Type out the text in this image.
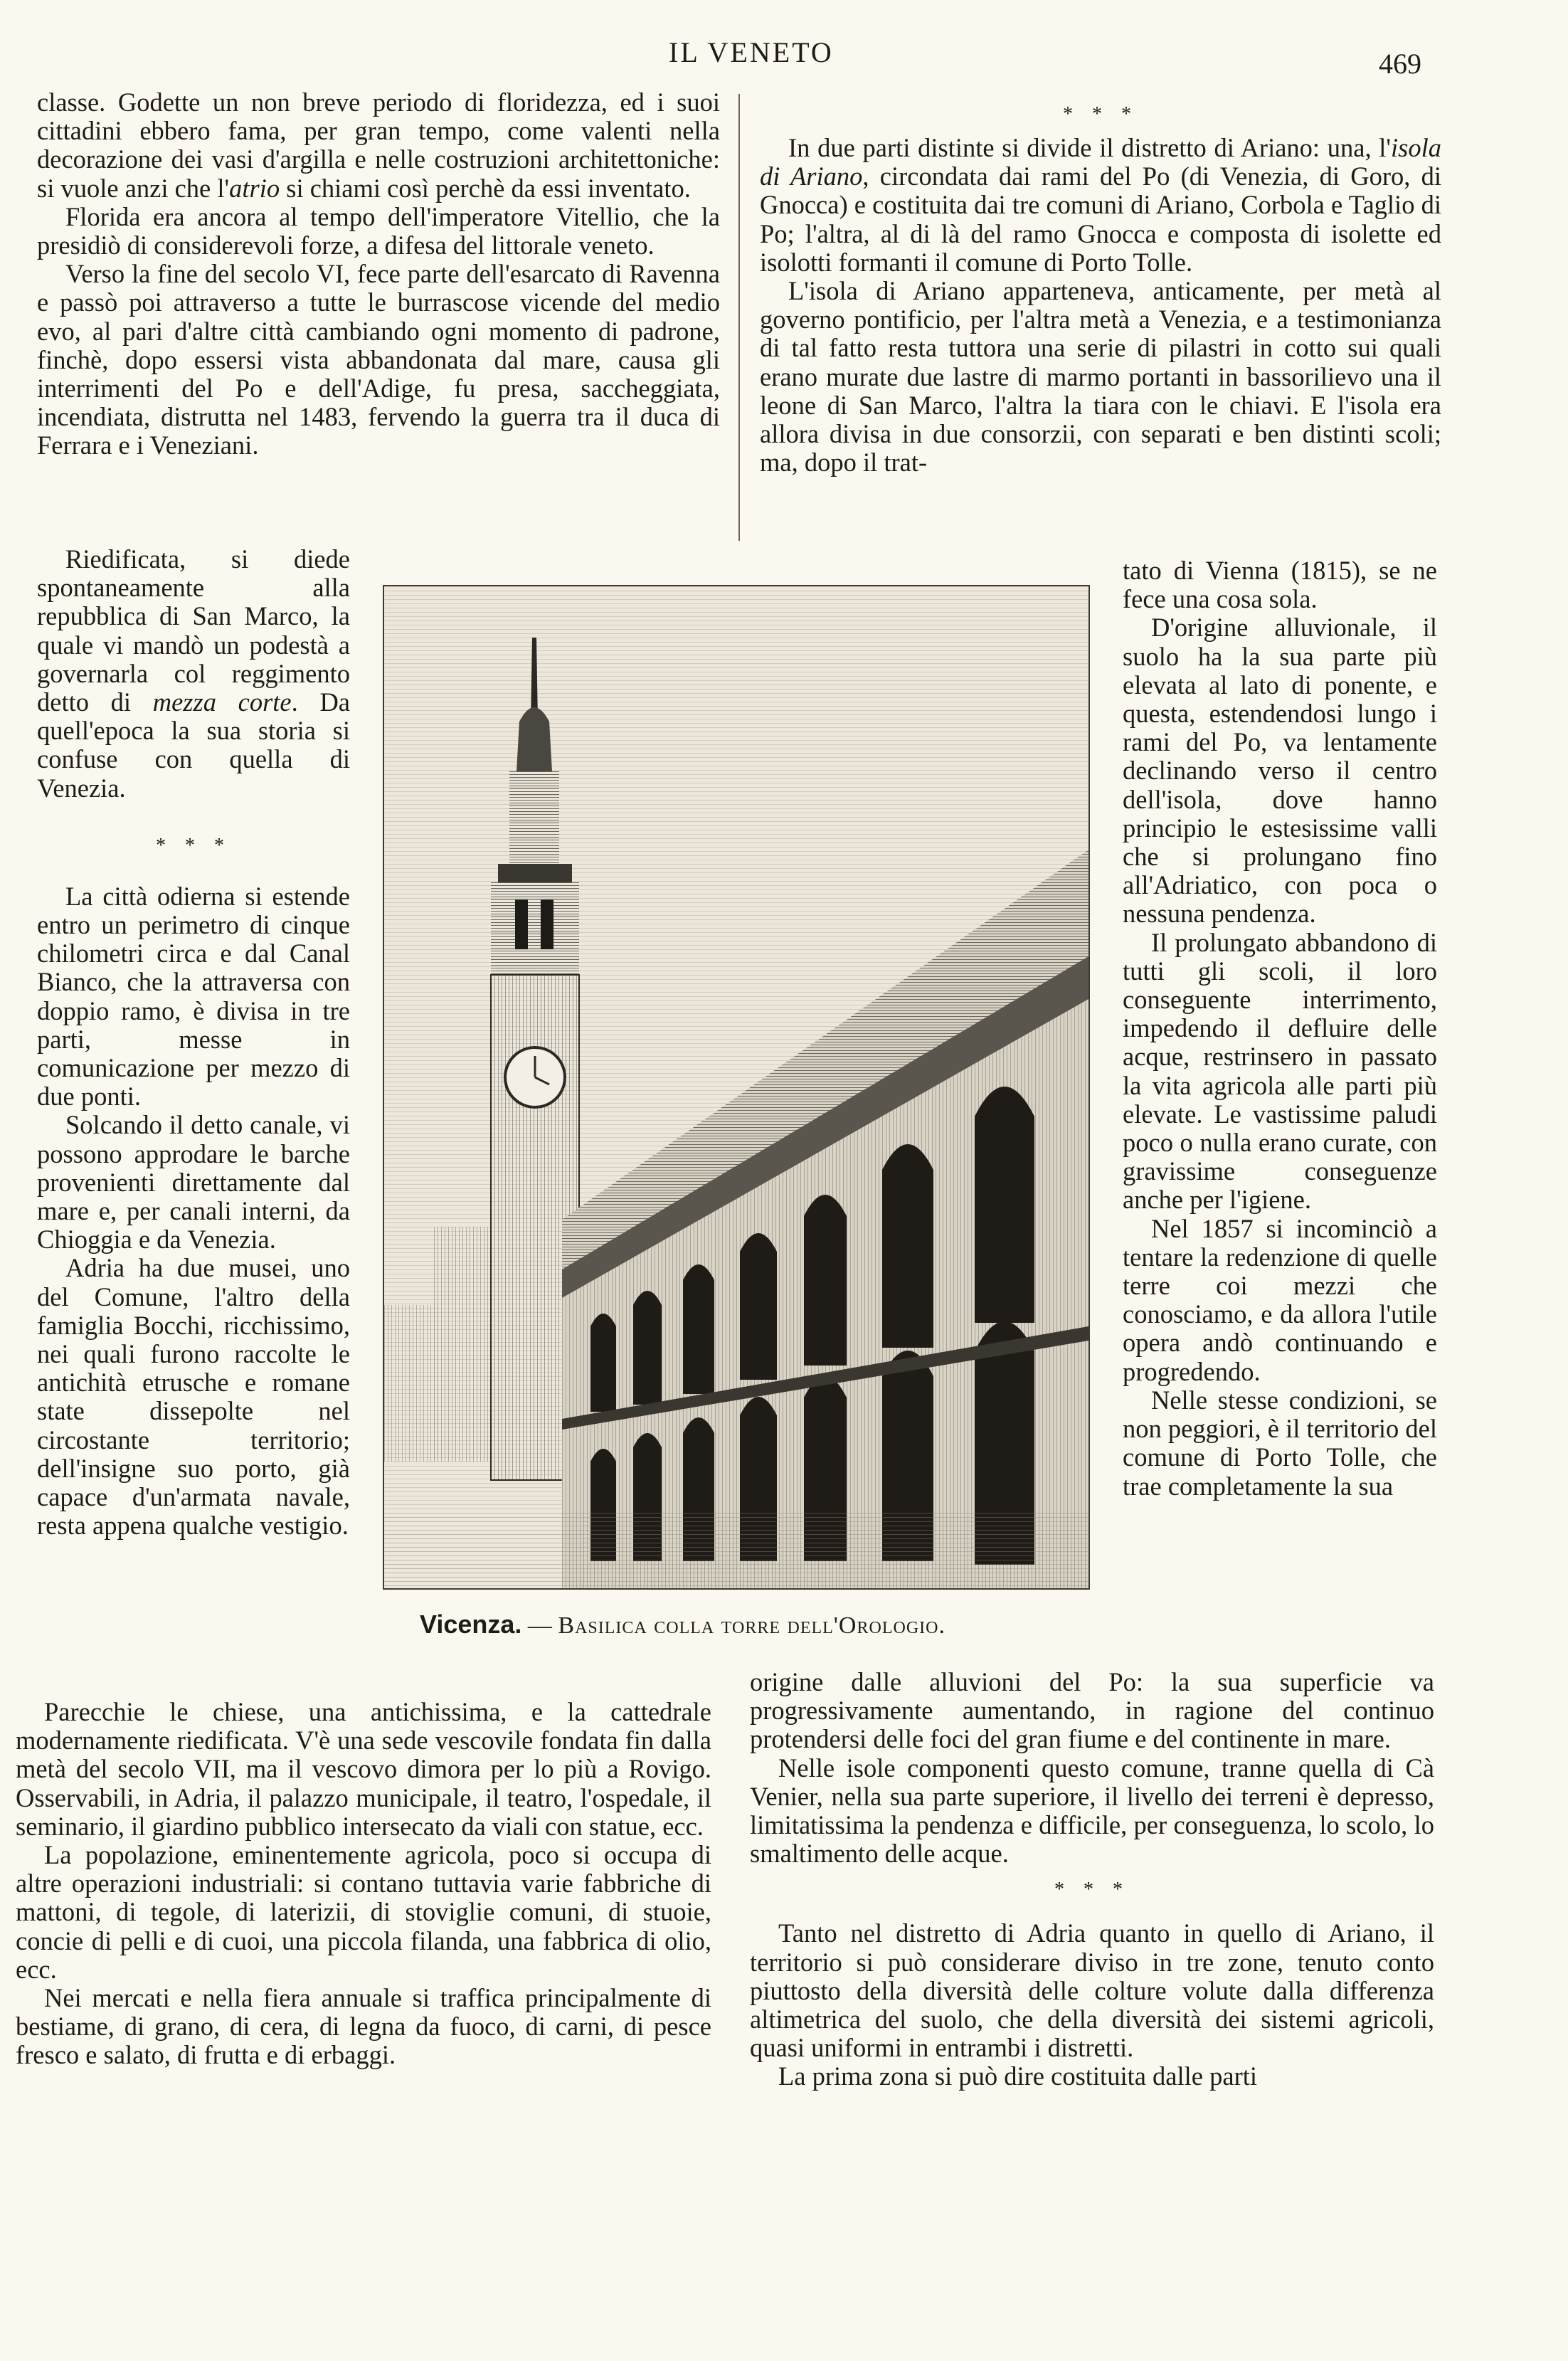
IL VENETO	469

classe. Godette un non breve periodo di floridezza, ed i suoi cittadini ebbero fama, per gran tempo, come valenti nella decorazione dei vasi d'argilla e nelle costruzioni architettoniche: si vuole anzi che l'atrio si chiami così perchè da essi inventato.

Florida era ancora al tempo dell'imperatore Vitellio, che la presidiò di considerevoli forze, a difesa del littorale veneto.

Verso la fine del secolo VI, fece parte dell'esarcato di Ravenna e passò poi attraverso a tutte le burrascose vicende del medio evo, al pari d'altre città cambiando ogni momento di padrone, finchè, dopo essersi vista abbandonata dal mare, causa gli interrimenti del Po e dell'Adige, fu presa, saccheggiata, incendiata, distrutta nel 1483, fervendo la guerra tra il duca di Ferrara e i Veneziani.

Riedificata, si diede spontaneamente alla repubblica di San Marco, la quale vi mandò un podestà a governarla col reggimento detto di mezza corte. Da quell'epoca la sua storia si confuse con quella di Venezia.

* * *

La città odierna si estende entro un perimetro di cinque chilometri circa e dal Canal Bianco, che la attraversa con doppio ramo, è divisa in tre parti, messe in comunicazione per mezzo di due ponti.

Solcando il detto canale, vi possono approdare le barche provenienti direttamente dal mare e, per canali interni, da Chioggia e da Venezia.

Adria ha due musei, uno del Comune, l'altro della famiglia Bocchi, ricchissimo, nei quali furono raccolte le antichità etrusche e romane state dissepolte nel circostante territorio; dell'insigne suo porto, già capace d'un'armata navale, resta appena qualche vestigio.

Parecchie le chiese, una antichissima, e la cattedrale modernamente riedificata. V'è una sede vescovile fondata fin dalla metà del secolo VII, ma il vescovo dimora per lo più a Rovigo. Osservabili, in Adria, il palazzo municipale, il teatro, l'ospedale, il seminario, il giardino pubblico intersecato da viali con statue, ecc.

La popolazione, eminentemente agricola, poco si occupa di altre operazioni industriali: si contano tuttavia varie fabbriche di mattoni, di tegole, di laterizii, di stoviglie comuni, di stuoie, concie di pelli e di cuoi, una piccola filanda, una fabbrica di olio, ecc.

Nei mercati e nella fiera annuale si traffica principalmente di bestiame, di grano, di cera, di legna da fuoco, di carni, di pesce fresco e salato, di frutta e di erbaggi.

* * *

In due parti distinte si divide il distretto di Ariano: una, l'isola di Ariano, circondata dai rami del Po (di Venezia, di Goro, di Gnocca) e costituita dai tre comuni di Ariano, Corbola e Taglio di Po; l'altra, al di là del ramo Gnocca e composta di isolette ed isolotti formanti il comune di Porto Tolle.

L'isola di Ariano apparteneva, anticamente, per metà al governo pontificio, per l'altra metà a Venezia, e a testimonianza di tal fatto resta tuttora una serie di pilastri in cotto sui quali erano murate due lastre di marmo portanti in bassorilievo una il leone di San Marco, l'altra la tiara con le chiavi. E l'isola era allora divisa in due consorzii, con separati e ben distinti scoli; ma, dopo il trat-

tato di Vienna (1815), se ne fece una cosa sola.

D'origine alluvionale, il suolo ha la sua parte più elevata al lato di ponente, e questa, estendendosi lungo i rami del Po, va lentamente declinando verso il centro dell'isola, dove hanno principio le estesissime valli che si prolungano fino all'Adriatico, con poca o nessuna pendenza.

Il prolungato abbandono di tutti gli scoli, il loro conseguente interrimento, impedendo il defluire delle acque, restrinsero in passato la vita agricola alle parti più elevate. Le vastissime paludi poco o nulla erano curate, con gravissime conseguenze anche per l'igiene.

Nel 1857 si incominciò a tentare la redenzione di quelle terre coi mezzi che conosciamo, e da allora l'utile opera andò continuando e progredendo.

Nelle stesse condizioni, se non peggiori, è il territorio del comune di Porto Tolle, che trae completamente la sua

origine dalle alluvioni del Po: la sua superficie va progressivamente aumentando, in ragione del continuo protendersi delle foci del gran fiume e del continente in mare.

Nelle isole componenti questo comune, tranne quella di Cà Venier, nella sua parte superiore, il livello dei terreni è depresso, limitatissima la pendenza e difficile, per conseguenza, lo scolo, lo smaltimento delle acque.

* * *

Tanto nel distretto di Adria quanto in quello di Ariano, il territorio si può considerare diviso in tre zone, tenuto conto piuttosto della diversità delle colture volute dalla differenza altimetrica del suolo, che della diversità dei sistemi agricoli, quasi uniformi in entrambi i distretti.

La prima zona si può dire costituita dalle parti

Vicenza. — Basilica colla torre dell'Orologio.
